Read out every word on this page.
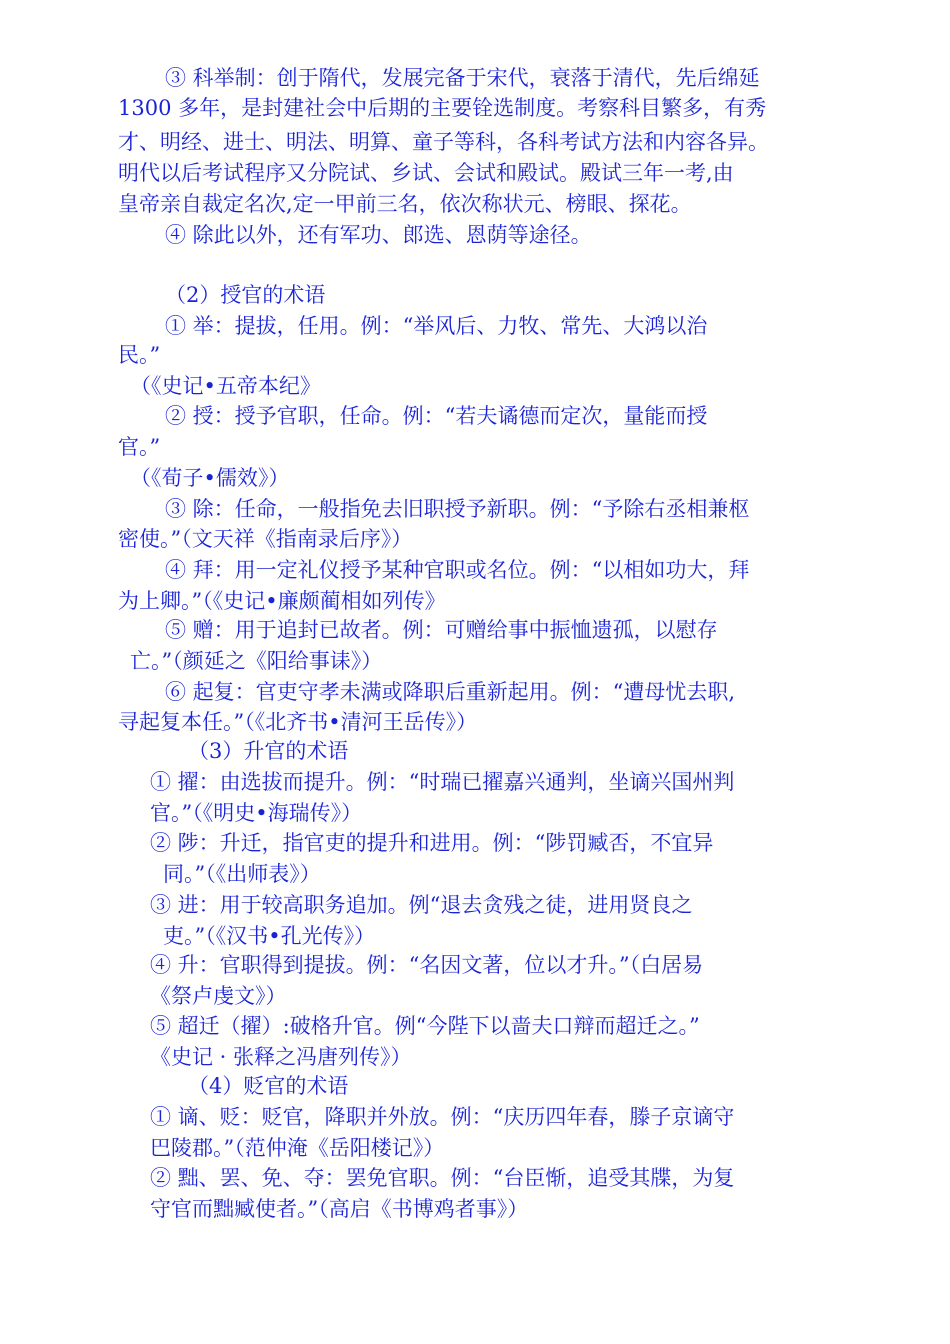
③ 科举制：创于隋代，发展完备于宋代，衰落于清代，先后绵延
1300 多年，是封建社会中后期的主要铨选制度。考察科目繁多，有秀
才、明经、进士、明法、明算、童子等科，各科考试方法和内容各异。
明代以后考试程序又分院试、乡试、会试和殿试。殿试三年一考,由
皇帝亲自裁定名次,定一甲前三名，依次称状元、榜眼、探花。
④ 除此以外，还有军功、郎选、恩荫等途径。
（2）授官的术语
① 举：提拔，任用。例：“举风后、力牧、常先、大鸿以治
民。”
（《史记•五帝本纪》
② 授：授予官职，任命。例：“若夫谲德而定次，量能而授
官。”
（《荀子•儒效》）
③ 除：任命，一般指免去旧职授予新职。例：“予除右丞相兼枢
密使。”（文天祥《指南录后序》）
④ 拜：用一定礼仪授予某种官职或名位。例：“以相如功大，拜
为上卿。”（《史记•廉颇蔺相如列传》
⑤ 赠：用于追封已故者。例：可赠给事中振恤遗孤，以慰存
亡。”（颜延之《阳给事诔》）
⑥ 起复：官吏守孝未满或降职后重新起用。例：“遭母忧去职,
寻起复本任。”（《北齐书•清河王岳传》）
（3）升官的术语
① 擢：由选拔而提升。例：“时瑞已擢嘉兴通判，坐谪兴国州判
官。”（《明史•海瑞传》）
② 陟：升迁，指官吏的提升和进用。例：“陟罚臧否，不宜异
同。”（《出师表》）
③ 进：用于较高职务追加。例“退去贪残之徒，进用贤良之
吏。”（《汉书•孔光传》）
④ 升：官职得到提拔。例：“名因文著，位以才升。”（白居易
《祭卢虔文》）
⑤ 超迁（擢）:破格升官。例“今陛下以啬夫口辩而超迁之。”
《史记 · 张释之冯唐列传》）
（4）贬官的术语
① 谪、贬：贬官，降职并外放。例：“庆历四年春，滕子京谪守
巴陵郡。”（范仲淹《岳阳楼记》）
② 黜、罢、免、夺：罢免官职。例：“台臣惭，追受其牒，为复
守官而黜臧使者。”（高启《书博鸡者事》）
